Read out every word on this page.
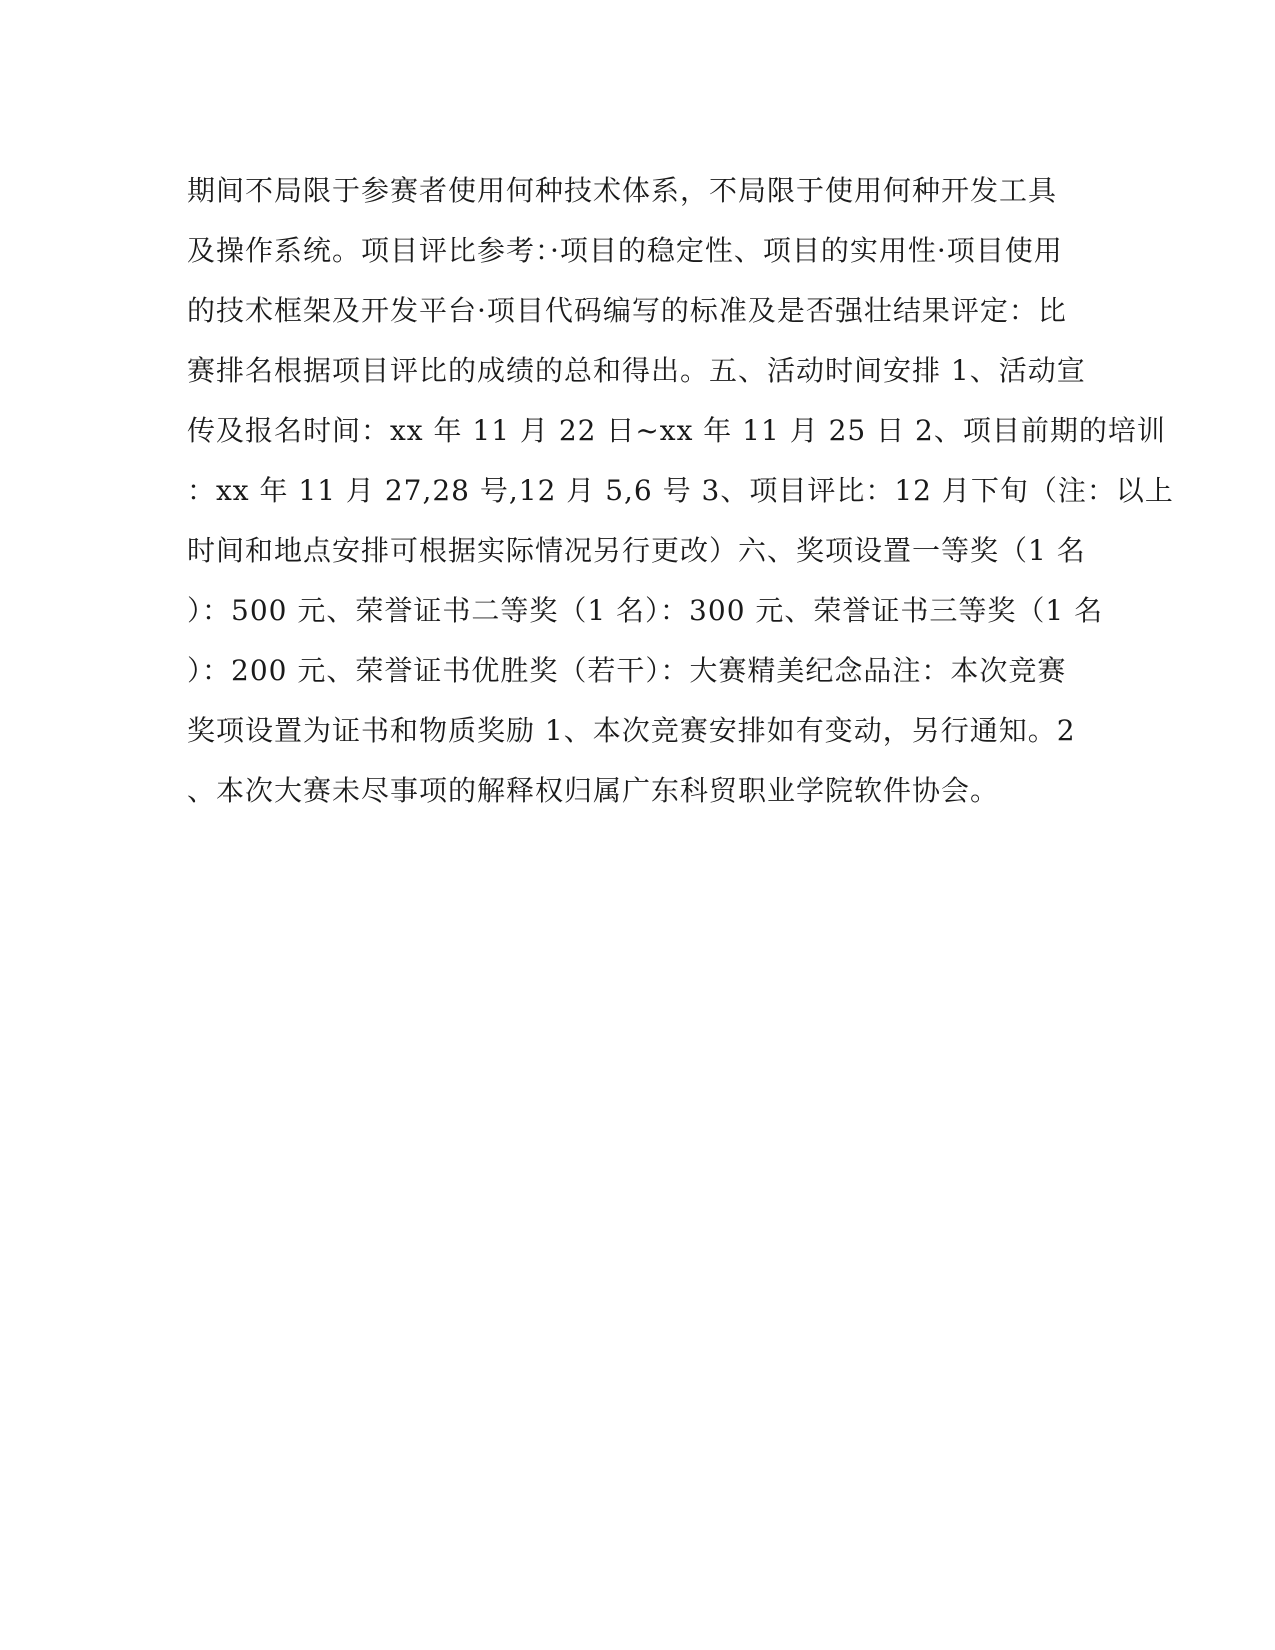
期间不局限于参赛者使用何种技术体系，不局限于使用何种开发工具
及操作系统。项目评比参考：·项目的稳定性、项目的实用性·项目使用
的技术框架及开发平台·项目代码编写的标准及是否强壮结果评定：比
赛排名根据项目评比的成绩的总和得出。五、活动时间安排 1、活动宣
传及报名时间：xx 年 11 月 22 日~xx 年 11 月 25 日 2、项目前期的培训
：xx 年 11 月 27,28 号,12 月 5,6 号 3、项目评比：12 月下旬（注：以上
时间和地点安排可根据实际情况另行更改）六、奖项设置一等奖（1 名
）：500 元、荣誉证书二等奖（1 名）：300 元、荣誉证书三等奖（1 名
）：200 元、荣誉证书优胜奖（若干）：大赛精美纪念品注：本次竞赛
奖项设置为证书和物质奖励 1、本次竞赛安排如有变动，另行通知。2
、本次大赛未尽事项的解释权归属广东科贸职业学院软件协会。
